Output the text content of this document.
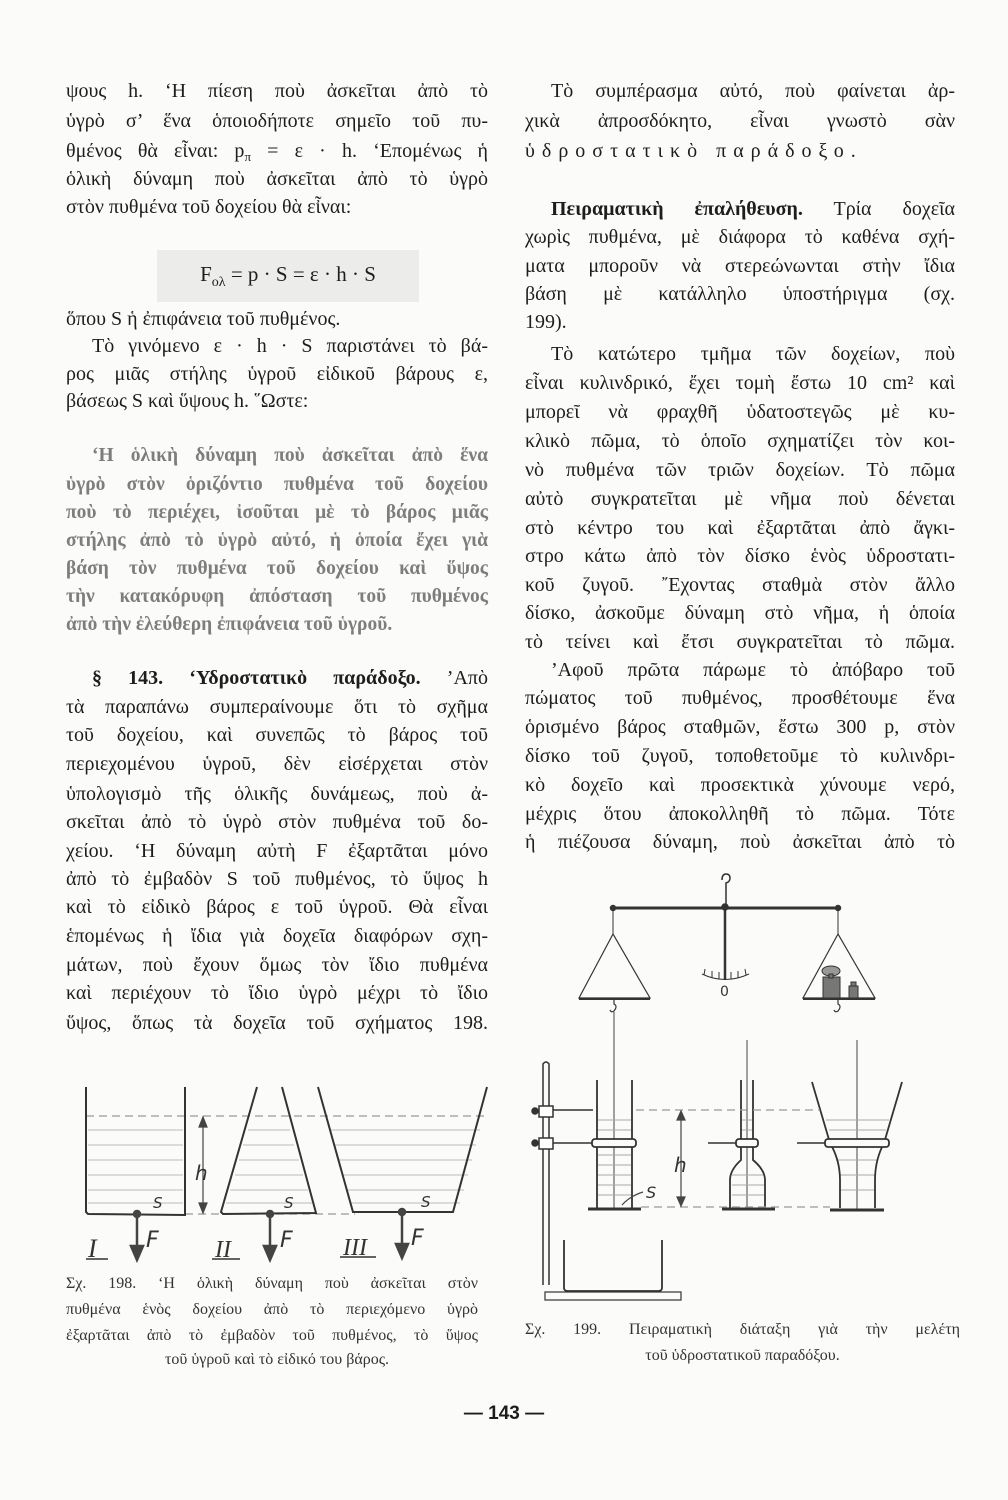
ψους h. ‘Η πίεση ποὺ ἀσκεῖται ἀπὸ τὸ
ὑγρὸ σ’ ἕνα ὁποιοδήποτε σημεῖο τοῦ πυ-
θμένος θὰ εἶναι: $p_\pi = \varepsilon \cdot h$. ‘Επομένως ἡ
ὁλικὴ δύναμη ποὺ ἀσκεῖται ἀπὸ τὸ ὑγρὸ
στὸν πυθμένα τοῦ δοχείου θὰ εἶναι:
ὅπου S ἡ ἐπιφάνεια τοῦ πυθμένος.
Τὸ γινόμενο ε · h · S παριστάνει τὸ βά-
ρος μιᾶς στήλης ὑγροῦ εἰδικοῦ βάρους ε,
βάσεως S καὶ ὕψους h. ῞Ωστε:
‘Η ὁλικὴ δύναμη ποὺ ἀσκεῖται ἀπὸ ἕνα
ὑγρὸ στὸν ὁριζόντιο πυθμένα τοῦ δοχείου
ποὺ τὸ περιέχει, ἰσοῦται μὲ τὸ βάρος μιᾶς
στήλης ἀπὸ τὸ ὑγρὸ αὐτό, ἡ ὁποία ἔχει γιὰ
βάση τὸν πυθμένα τοῦ δοχείου καὶ ὕψος
τὴν κατακόρυφη ἀπόσταση τοῦ πυθμένος
ἀπὸ τὴν ἐλεύθερη ἐπιφάνεια τοῦ ὑγροῦ.
§ 143. ‘Υδροστατικὸ παράδοξο. ’Απὸ
τὰ παραπάνω συμπεραίνουμε ὅτι τὸ σχῆμα
τοῦ δοχείου, καὶ συνεπῶς τὸ βάρος τοῦ
περιεχομένου ὑγροῦ, δὲν εἰσέρχεται στὸν
ὑπολογισμὸ τῆς ὁλικῆς δυνάμεως, ποὺ ἀ-
σκεῖται ἀπὸ τὸ ὑγρὸ στὸν πυθμένα τοῦ δο-
χείου. ‘Η δύναμη αὐτὴ F ἐξαρτᾶται μόνο
ἀπὸ τὸ ἐμβαδὸν S τοῦ πυθμένος, τὸ ὕψος h
καὶ τὸ εἰδικὸ βάρος ε τοῦ ὑγροῦ. Θὰ εἶναι
ἑπομένως ἡ ἴδια γιὰ δοχεῖα διαφόρων σχη-
μάτων, ποὺ ἔχουν ὅμως τὸν ἴδιο πυθμένα
καὶ περιέχουν τὸ ἴδιο ὑγρὸ μέχρι τὸ ἴδιο
ὕψος, ὅπως τὰ δοχεῖα τοῦ σχήματος 198.
Σχ. 198. ‘Η ὁλικὴ δύναμη ποὺ ἀσκεῖται στὸν
πυθμένα ἑνὸς δοχείου ἀπὸ τὸ περιεχόμενο ὑγρὸ
ἐξαρτᾶται ἀπὸ τὸ ἐμβαδὸν τοῦ πυθμένος, τὸ ὕψος
τοῦ ὑγροῦ καὶ τὸ εἰδικό του βάρος.
Τὸ συμπέρασμα αὐτό, ποὺ φαίνεται ἀρ-
χικὰ ἀπροσδόκητο, εἶναι γνωστὸ σὰν
ὑδροστατικὸ παράδοξο.
Πειραματικὴ ἐπαλήθευση. Τρία δοχεῖα
χωρὶς πυθμένα, μὲ διάφορα τὸ καθένα σχή-
ματα μποροῦν νὰ στερεώνωνται στὴν ἴδια
βάση μὲ κατάλληλο ὑποστήριγμα (σχ.
199).
Τὸ κατώτερο τμῆμα τῶν δοχείων, ποὺ
εἶναι κυλινδρικό, ἔχει τομὴ ἔστω 10 cm² καὶ
μπορεῖ νὰ φραχθῆ ὑδατοστεγῶς μὲ κυ-
κλικὸ πῶμα, τὸ ὁποῖο σχηματίζει τὸν κοι-
νὸ πυθμένα τῶν τριῶν δοχείων. Τὸ πῶμα
αὐτὸ συγκρατεῖται μὲ νῆμα ποὺ δένεται
στὸ κέντρο του καὶ ἐξαρτᾶται ἀπὸ ἄγκι-
στρο κάτω ἀπὸ τὸν δίσκο ἑνὸς ὑδροστατι-
κοῦ ζυγοῦ. ῎Εχοντας σταθμὰ στὸν ἄλλο
δίσκο, ἀσκοῦμε δύναμη στὸ νῆμα, ἡ ὁποία
τὸ τείνει καὶ ἔτσι συγκρατεῖται τὸ πῶμα.
’Αφοῦ πρῶτα πάρωμε τὸ ἀπόβαρο τοῦ
πώματος τοῦ πυθμένος, προσθέτουμε ἕνα
ὁρισμένο βάρος σταθμῶν, ἔστω 300 p, στὸν
δίσκο τοῦ ζυγοῦ, τοποθετοῦμε τὸ κυλινδρι-
κὸ δοχεῖο καὶ προσεκτικὰ χύνουμε νερό,
μέχρις ὅτου ἀποκολληθῆ τὸ πῶμα. Τότε
ἡ πιέζουσα δύναμη, ποὺ ἀσκεῖται ἀπὸ τὸ
Σχ. 199. Πειραματικὴ διάταξη γιὰ τὴν μελέτη
τοῦ ὑδροστατικοῦ παραδόξου.
$F_{o\lambda} = p \cdot S = \varepsilon \cdot h \cdot S$
h
S	S	S
F	F	F
I	II	III
0
h
S
— 143 —
